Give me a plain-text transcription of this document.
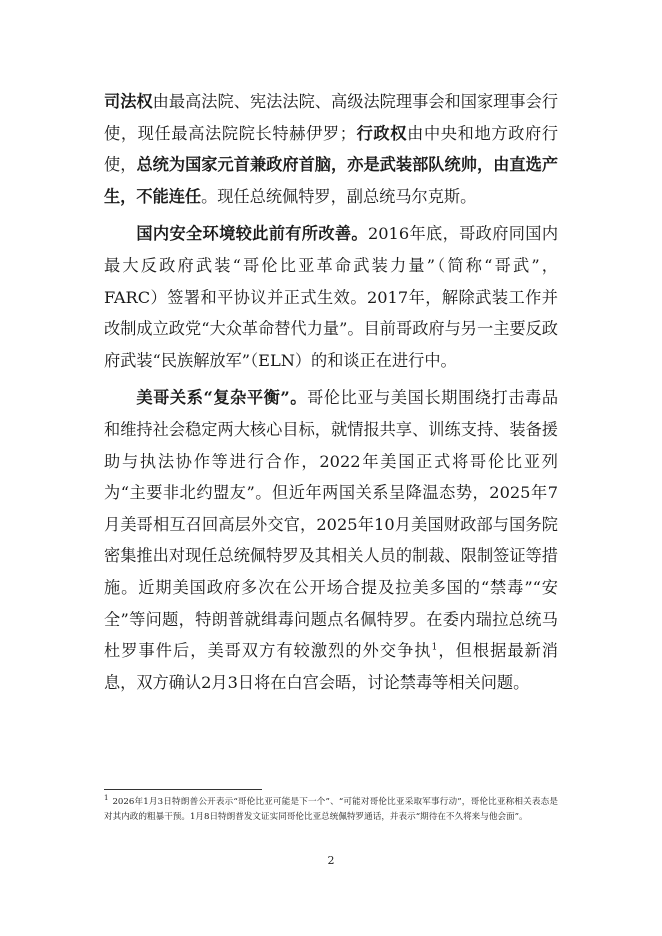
司法权由最高法院、宪法法院、高级法院理事会和国家理事会行使，现任最高法院院长特赫伊罗；行政权由中央和地方政府行使，总统为国家元首兼政府首脑，亦是武装部队统帅，由直选产生，不能连任。现任总统佩特罗，副总统马尔克斯。

国内安全环境较此前有所改善。2016年底，哥政府同国内最大反政府武装“哥伦比亚革命武装力量”（简称“哥武”， FARC）签署和平协议并正式生效。2017年，解除武装工作并改制成立政党“大众革命替代力量”。目前哥政府与另一主要反政府武装“民族解放军”（ELN）的和谈正在进行中。

美哥关系“复杂平衡”。哥伦比亚与美国长期围绕打击毒品和维持社会稳定两大核心目标，就情报共享、训练支持、装备援助与执法协作等进行合作，2022年美国正式将哥伦比亚列为“主要非北约盟友”。但近年两国关系呈降温态势，2025年7月美哥相互召回高层外交官，2025年10月美国财政部与国务院密集推出对现任总统佩特罗及其相关人员的制裁、限制签证等措施。近期美国政府多次在公开场合提及拉美多国的“禁毒”“安全”等问题，特朗普就缉毒问题点名佩特罗。在委内瑞拉总统马杜罗事件后，美哥双方有较激烈的外交争执$^1$，但根据最新消息，双方确认2月3日将在白宫会晤，讨论禁毒等相关问题。

$^1$ 2026年1月3日特朗普公开表示“哥伦比亚可能是下一个”、“可能对哥伦比亚采取军事行动”，哥伦比亚称相关表态是对其内政的粗暴干预。1月8日特朗普发文证实同哥伦比亚总统佩特罗通话，并表示“期待在不久将来与他会面”。
2
